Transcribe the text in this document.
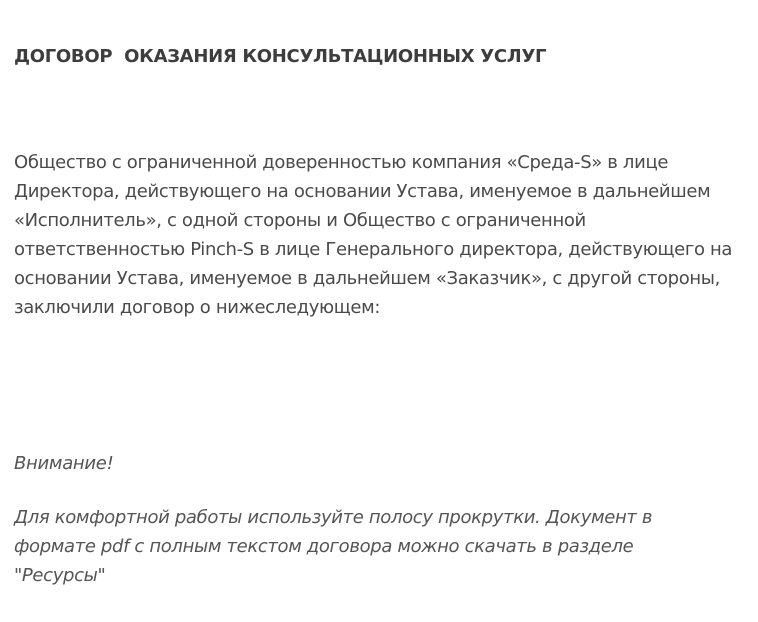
ДОГОВОР  ОКАЗАНИЯ КОНСУЛЬТАЦИОННЫХ УСЛУГ

Общество с ограниченной доверенностью компания «Среда-S» в лице Директора, действующего на основании Устава, именуемое в дальнейшем «Исполнитель», с одной стороны и Общество с ограниченной ответственностью Pinch-S в лице Генерального директора, действующего на основании Устава, именуемое в дальнейшем «Заказчик», с другой стороны, заключили договор о нижеследующем:

Внимание!

Для комфортной работы используйте полосу прокрутки. Документ в формате pdf с полным текстом договора можно скачать в разделе "Ресурсы"
